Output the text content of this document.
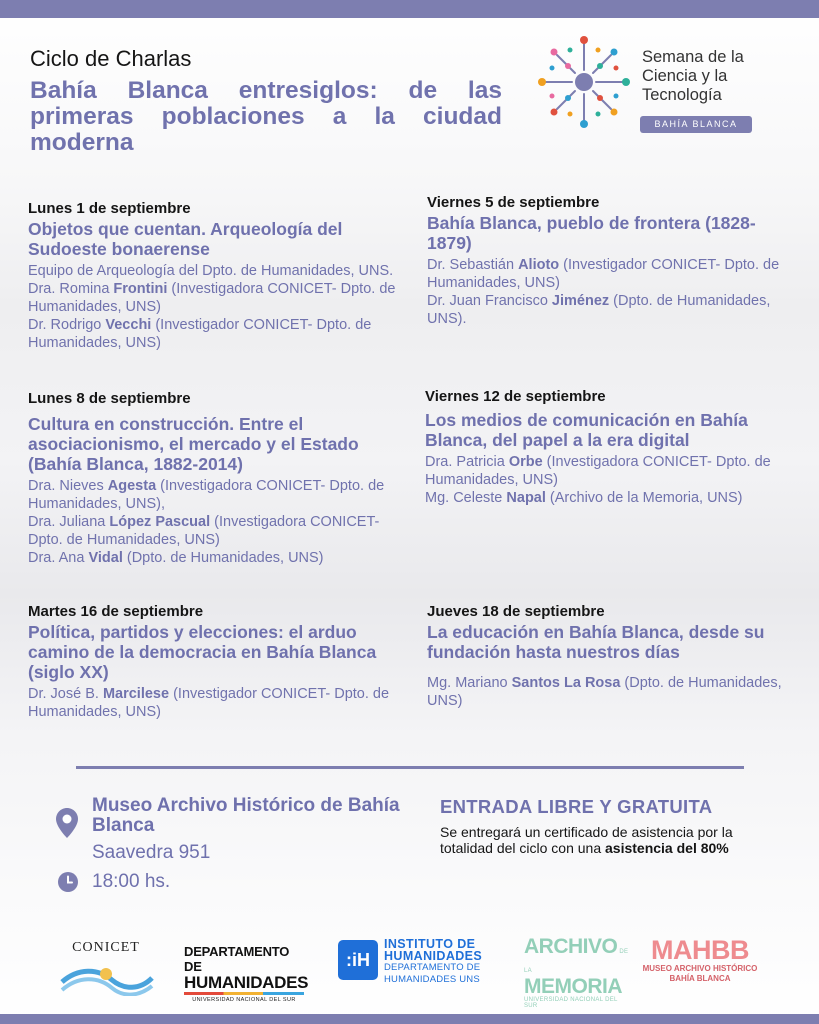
Ciclo de Charlas
Bahía Blanca entresiglos: de las primeras poblaciones a la ciudad moderna
Semana de la
Ciencia y la
Tecnología
BAHÍA BLANCA
Lunes 1 de septiembre
Objetos que cuentan. Arqueología del Sudoeste bonaerense
Equipo de Arqueología del Dpto. de Humanidades, UNS.
Dra. Romina Frontini (Investigadora CONICET- Dpto. de Humanidades, UNS)
Dr. Rodrigo Vecchi (Investigador CONICET- Dpto. de Humanidades, UNS)
Viernes 5 de septiembre
Bahía Blanca, pueblo de frontera (1828-1879)
Dr. Sebastián Alioto (Investigador CONICET- Dpto. de Humanidades, UNS)
Dr. Juan Francisco Jiménez (Dpto. de Humanidades, UNS).
Lunes 8 de septiembre
Cultura en construcción. Entre el asociacionismo, el mercado y el Estado (Bahía Blanca, 1882-2014)
Dra. Nieves Agesta (Investigadora CONICET- Dpto. de Humanidades, UNS),
Dra. Juliana López Pascual (Investigadora CONICET- Dpto. de Humanidades, UNS)
Dra. Ana Vidal (Dpto. de Humanidades, UNS)
Viernes 12 de septiembre
Los medios de comunicación en Bahía Blanca, del papel a la era digital
Dra. Patricia Orbe (Investigadora CONICET- Dpto. de Humanidades, UNS)
Mg. Celeste Napal (Archivo de la Memoria, UNS)
Martes 16 de septiembre
Política, partidos y elecciones: el arduo camino de la democracia en Bahía Blanca (siglo XX)
Dr. José B. Marcilese (Investigador CONICET- Dpto. de Humanidades, UNS)
Jueves 18 de septiembre
La educación en Bahía Blanca, desde su fundación hasta nuestros días
Mg. Mariano Santos La Rosa (Dpto. de Humanidades, UNS)
Museo Archivo Histórico de Bahía Blanca
Saavedra 951
18:00 hs.
ENTRADA LIBRE Y GRATUITA
Se entregará un certificado de asistencia por la totalidad del ciclo con una asistencia del 80%
CONICET	DEPARTAMENTO DE
HUMANIDADES
UNIVERSIDAD NACIONAL DEL SUR
:iH
INSTITUTO DE
HUMANIDADES
DEPARTAMENTO DE
HUMANIDADES UNS
ARCHIVO DE LA
MEMORIA
UNIVERSIDAD NACIONAL DEL SUR
MAHBB
MUSEO ARCHIVO HISTÓRICO
BAHÍA BLANCA
